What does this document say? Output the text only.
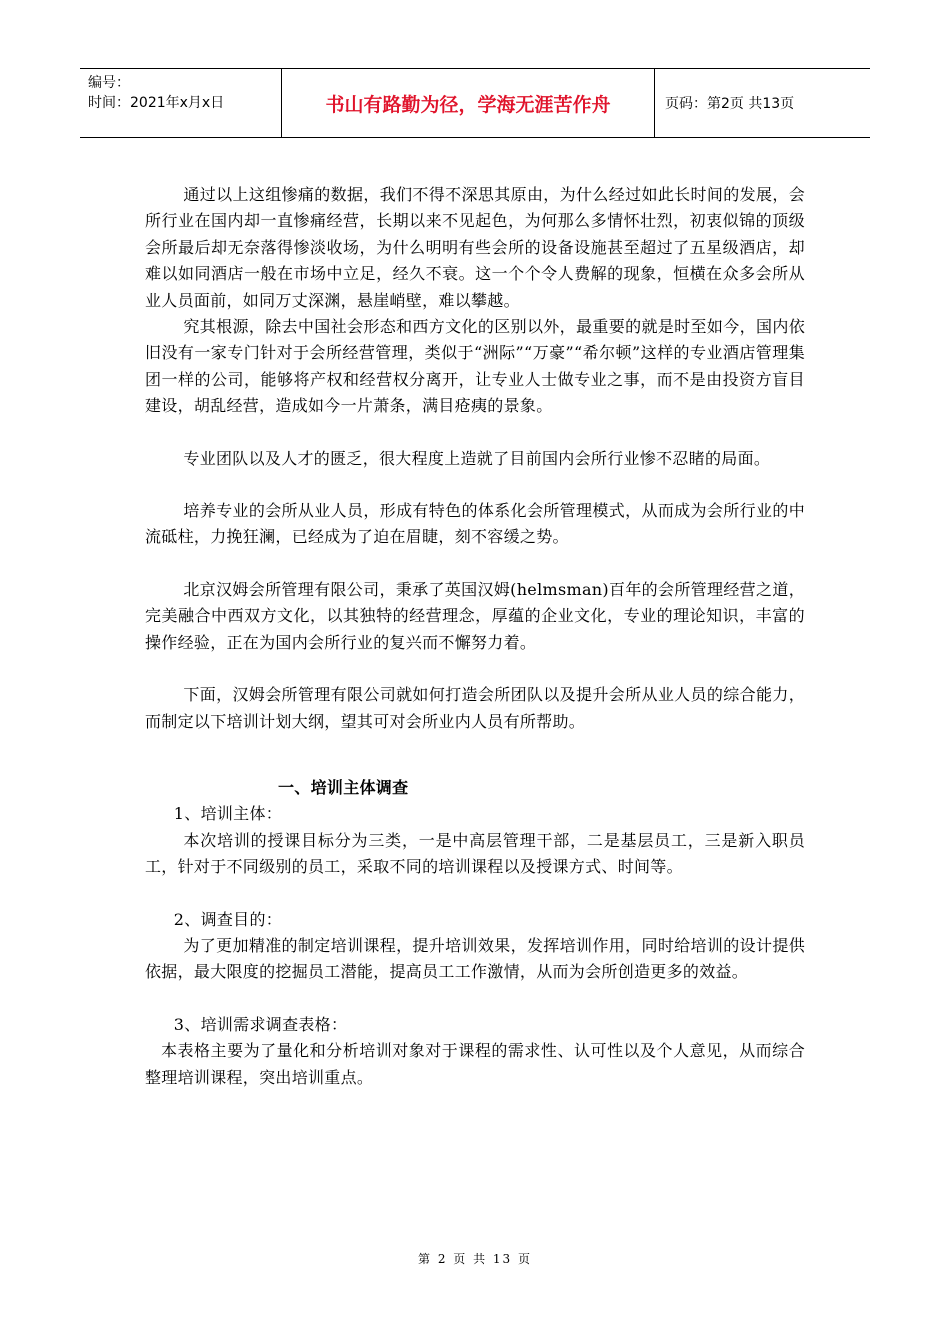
编号：
时间：2021年x月x日	书山有路勤为径，学海无涯苦作舟	页码：第2页 共13页

通过以上这组惨痛的数据，我们不得不深思其原由，为什么经过如此长时间的发展，会所行业在国内却一直惨痛经营，长期以来不见起色，为何那么多情怀壮烈，初衷似锦的顶级会所最后却无奈落得惨淡收场，为什么明明有些会所的设备设施甚至超过了五星级酒店，却难以如同酒店一般在市场中立足，经久不衰。这一个个令人费解的现象，恒横在众多会所从业人员面前，如同万丈深渊，悬崖峭壁，难以攀越。

究其根源，除去中国社会形态和西方文化的区别以外，最重要的就是时至如今，国内依旧没有一家专门针对于会所经营管理，类似于“洲际”“万豪”“希尔顿”这样的专业酒店管理集团一样的公司，能够将产权和经营权分离开，让专业人士做专业之事，而不是由投资方盲目建设，胡乱经营，造成如今一片萧条，满目疮痍的景象。

专业团队以及人才的匮乏，很大程度上造就了目前国内会所行业惨不忍睹的局面。

培养专业的会所从业人员，形成有特色的体系化会所管理模式，从而成为会所行业的中流砥柱，力挽狂澜，已经成为了迫在眉睫，刻不容缓之势。

北京汉姆会所管理有限公司，秉承了英国汉姆(helmsman)百年的会所管理经营之道，完美融合中西双方文化，以其独特的经营理念，厚蕴的企业文化，专业的理论知识，丰富的操作经验，正在为国内会所行业的复兴而不懈努力着。

下面，汉姆会所管理有限公司就如何打造会所团队以及提升会所从业人员的综合能力，而制定以下培训计划大纲，望其可对会所业内人员有所帮助。

一、培训主体调查

1、培训主体：

本次培训的授课目标分为三类，一是中高层管理干部，二是基层员工，三是新入职员工，针对于不同级别的员工，采取不同的培训课程以及授课方式、时间等。

2、调查目的：

为了更加精准的制定培训课程，提升培训效果，发挥培训作用，同时给培训的设计提供依据，最大限度的挖掘员工潜能，提高员工工作激情，从而为会所创造更多的效益。

3、培训需求调查表格：

本表格主要为了量化和分析培训对象对于课程的需求性、认可性以及个人意见，从而综合整理培训课程，突出培训重点。

第 2 页 共 13 页
